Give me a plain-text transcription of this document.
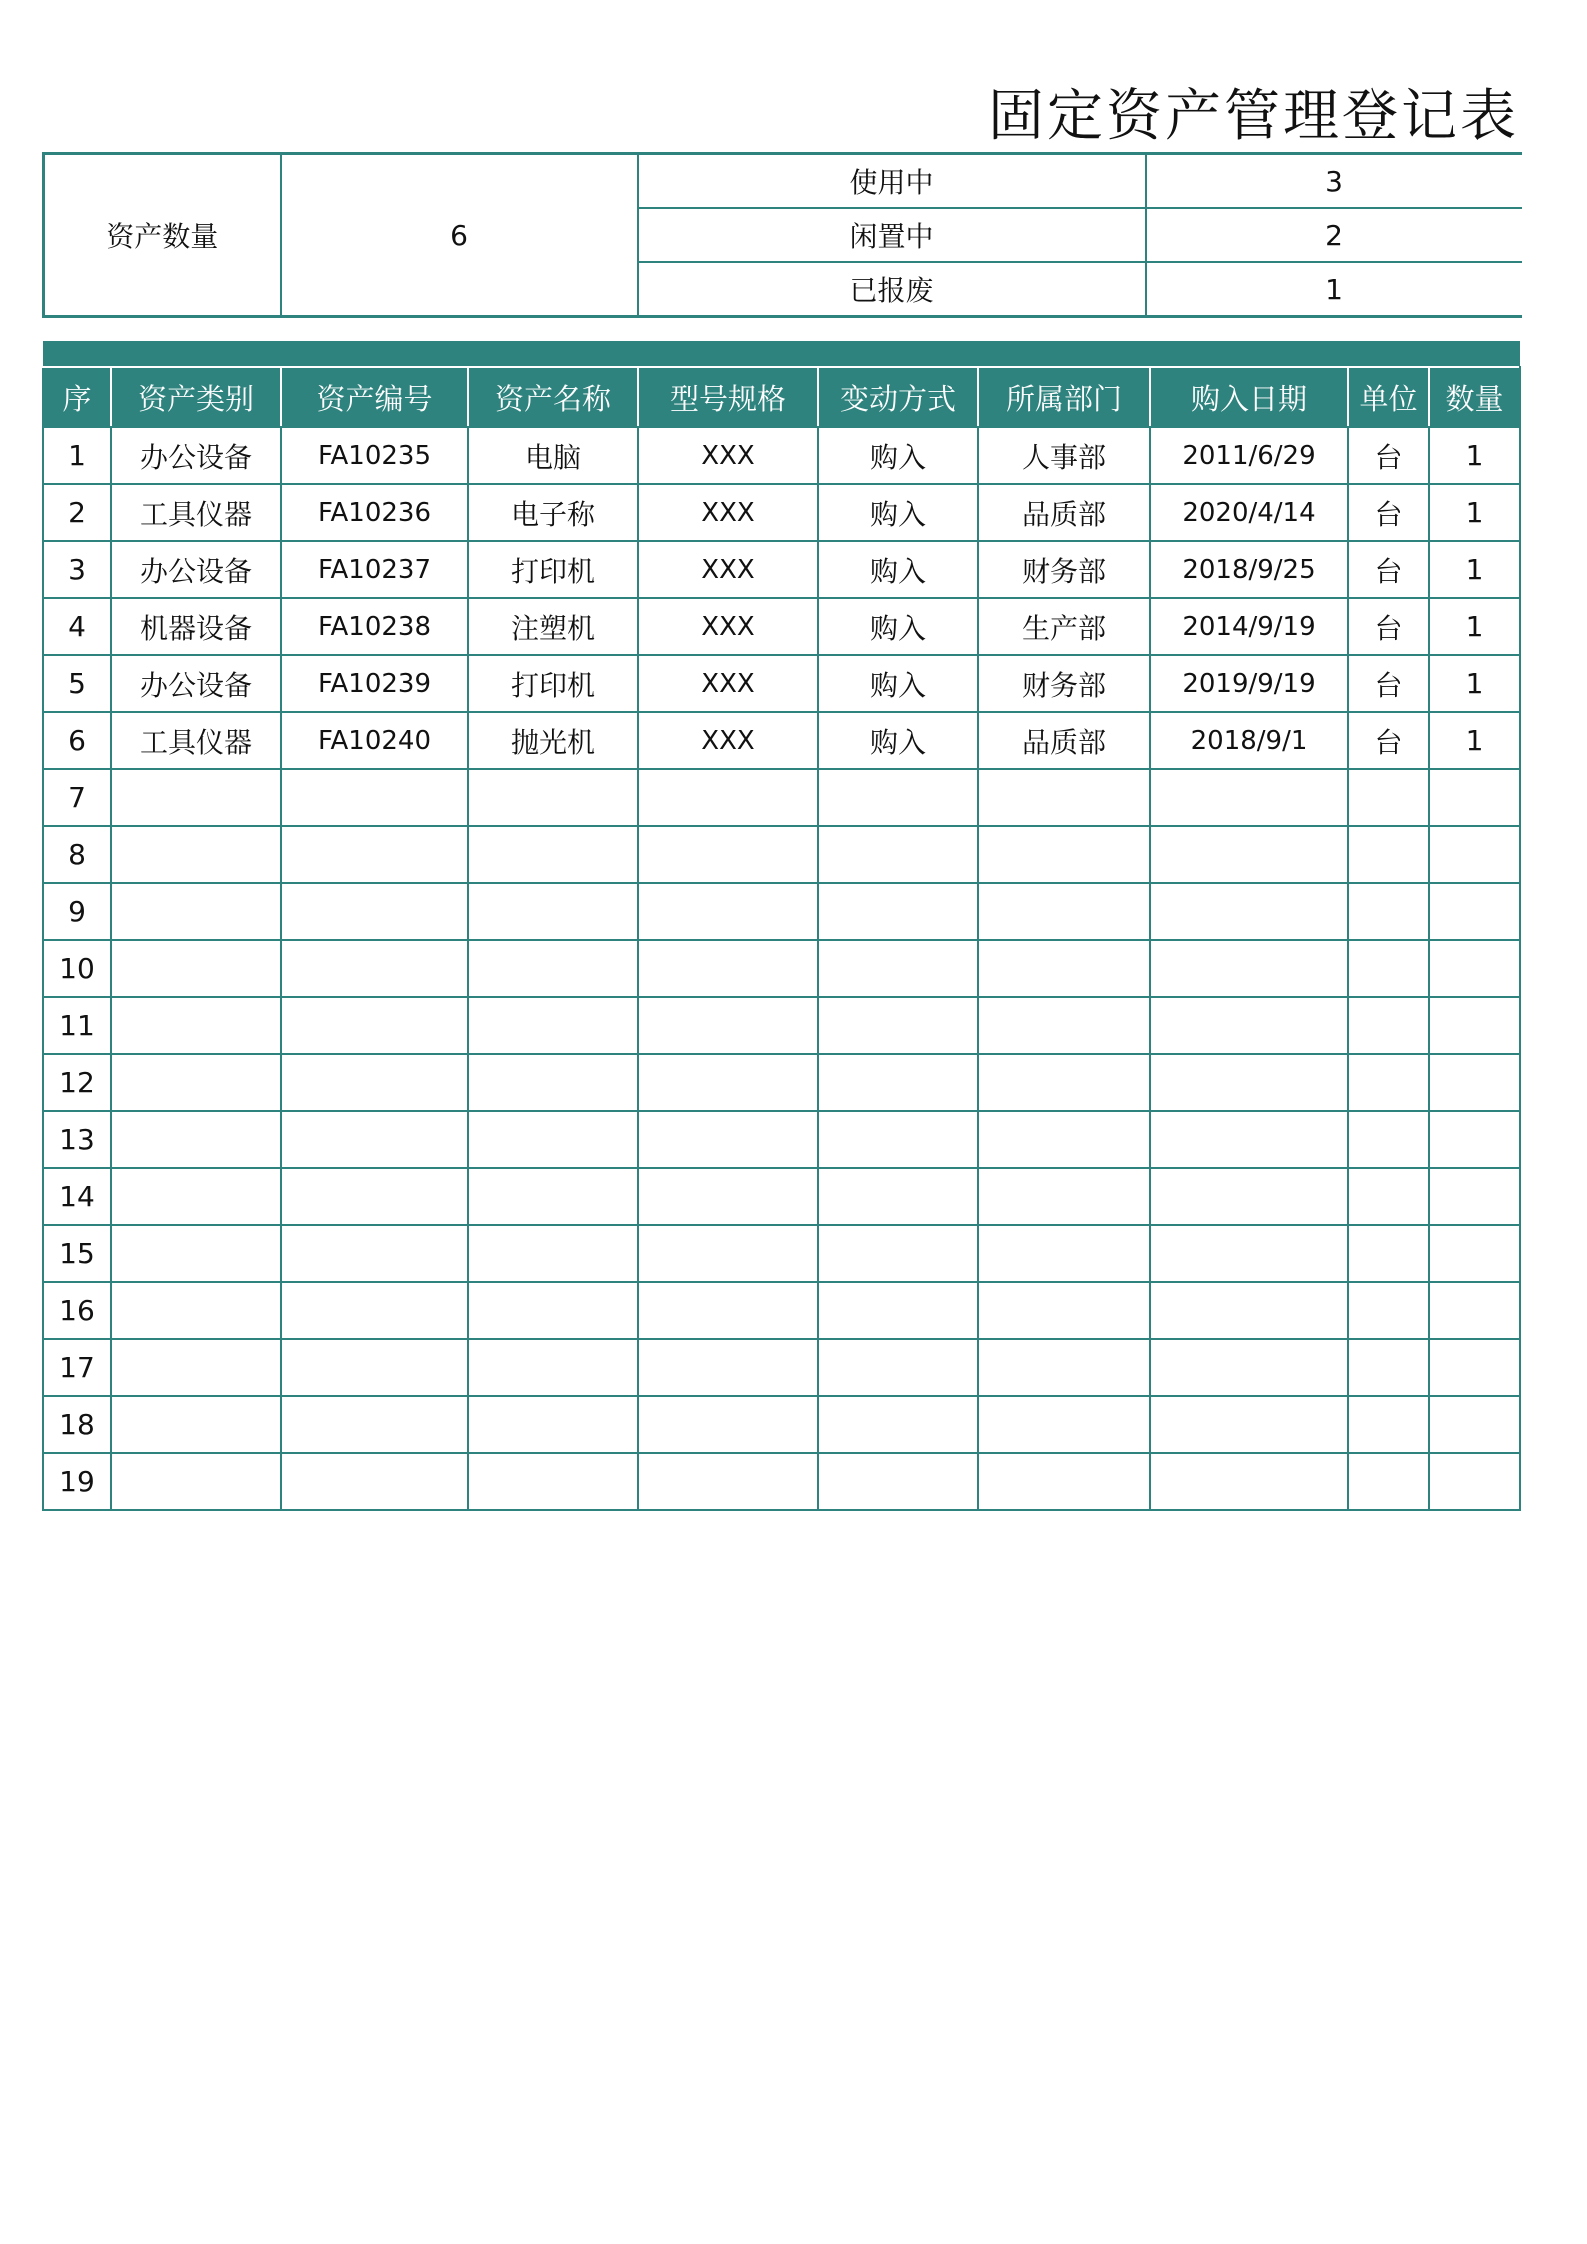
固定资产管理登记表
资产数量	6	使用中	3
		闲置中	2
		已报废	1
序	资产类别	资产编号	资产名称	型号规格	变动方式	所属部门	购入日期	单位	数量
1	办公设备	FA10235	电脑	XXX	购入	人事部	2011/6/29	台	1
2	工具仪器	FA10236	电子称	XXX	购入	品质部	2020/4/14	台	1
3	办公设备	FA10237	打印机	XXX	购入	财务部	2018/9/25	台	1
4	机器设备	FA10238	注塑机	XXX	购入	生产部	2014/9/19	台	1
5	办公设备	FA10239	打印机	XXX	购入	财务部	2019/9/19	台	1
6	工具仪器	FA10240	抛光机	XXX	购入	品质部	2018/9/1	台	1
7									
8									
9									
10									
11									
12									
13									
14									
15									
16									
17									
18									
19									
